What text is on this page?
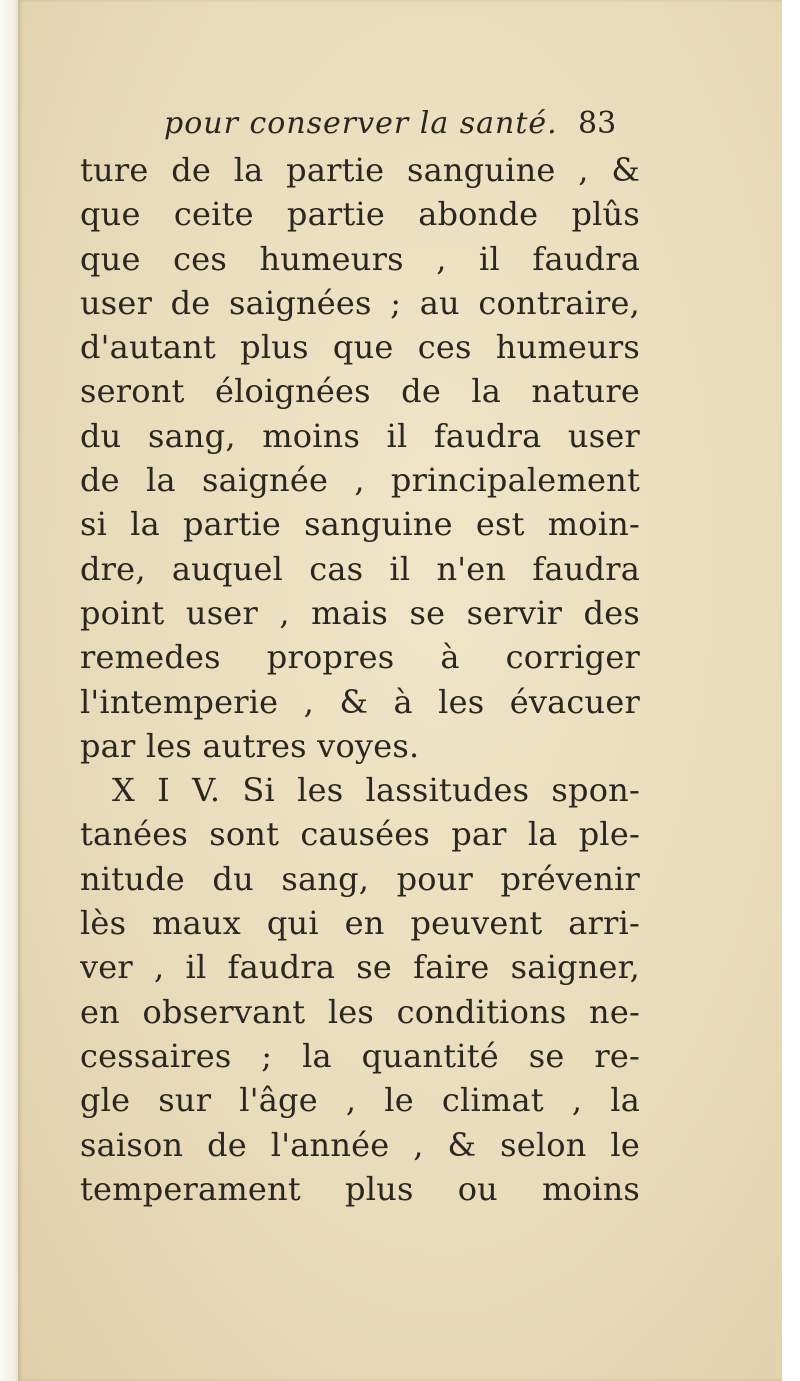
pour conserver la santé. 83
ture de la partie sanguine , &
que ceite partie abonde plûs
que ces humeurs , il faudra
user de saignées ; au contraire,
d'autant plus que ces humeurs
seront éloignées de la nature
du sang, moins il faudra user
de la saignée , principalement
si la partie sanguine est moin-
dre, auquel cas il n'en faudra
point user , mais se servir des
remedes propres à corriger
l'intemperie , & à les évacuer
par les autres voyes.
X I V. Si les lassitudes spon-
tanées sont causées par la ple-
nitude du sang, pour prévenir
lès maux qui en peuvent arri-
ver , il faudra se faire saigner,
en observant les conditions ne-
cessaires ; la quantité se re-
gle sur l'âge , le climat , la
saison de l'année , & selon le
temperament plus ou moins
